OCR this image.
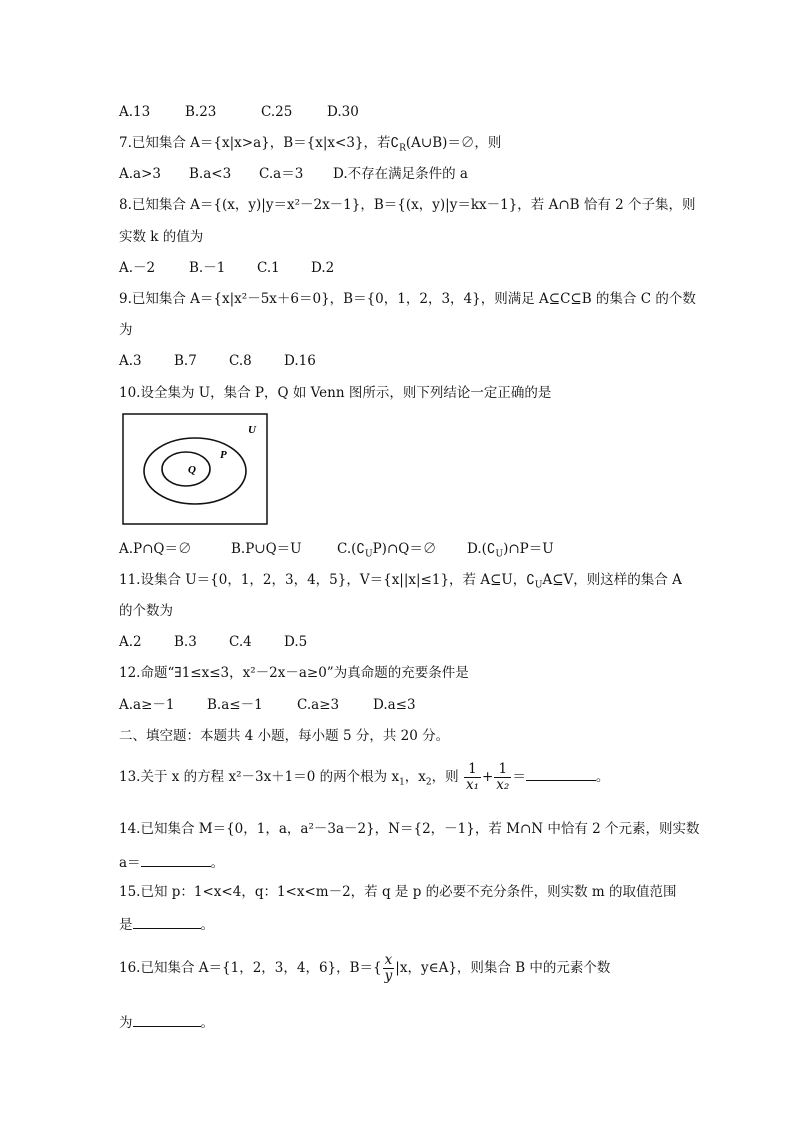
A.13	B.23	C.25	D.30
7.已知集合 A＝{x|x>a}，B＝{x|x<3}，若$∁_R(A\cup B)=\emptyset$，则
A.a>3 B.a<3 C.a＝3 D.不存在满足条件的 a
8.已知集合 A＝{(x，y)|y＝x²－2x－1}，B＝{(x，y)|y＝kx－1}，若 A∩B 恰有 2 个子集，则
实数 k 的值为
A.－2	B.－1 C.1 D.2
9.已知集合 A＝{x|x²－5x＋6＝0}，B＝{0，1，2，3，4}，则满足 A⊆C⊆B 的集合 C 的个数
为
A.3 B.7 C.8 D.16
10.设全集为 U，集合 P，Q 如 Venn 图所示，则下列结论一定正确的是
U
P
Q
A.P∩Q＝∅	B.P∪Q＝U	$C.(∁_UP)\cap Q=\emptyset$ $D.(∁_U)\cap P=U$
11.设集合 U＝{0，1，2，3，4，5}，V＝{x||x|≤1}，若 A⊆U，$∁_UA⊆V$，则这样的集合 A
的个数为
A.2 B.3 C.4 D.5
12.命题“∃1≤x≤3，x²－2x－a≥0”为真命题的充要条件是
A.a≥－1 B.a≤－1	C.a≥3	D.a≤3
二、填空题：本题共 4 小题，每小题 5 分，共 20 分。
13.关于 x 的方程 x²－3x＋1＝0 的两个根为 $x_1$，$x_2$，则 $\frac{1}{\text{x₁}} + \frac{1}{\text{x₂}}$ ＝	。
14.已知集合 M＝{0，1，a，a²－3a－2}，N＝{2，－1}，若 M∩N 中恰有 2 个元素，则实数
a＝	。
15.已知 p：1<x<4，q：1<x<m－2，若 q 是 p 的必要不充分条件，则实数 m 的取值范围
是	。
16.已知集合 A＝{1，2，3，4，6}，$B=\{ \frac{x}{y} |x$，y∈A}，则集合 B 中的元素个数
为	。
